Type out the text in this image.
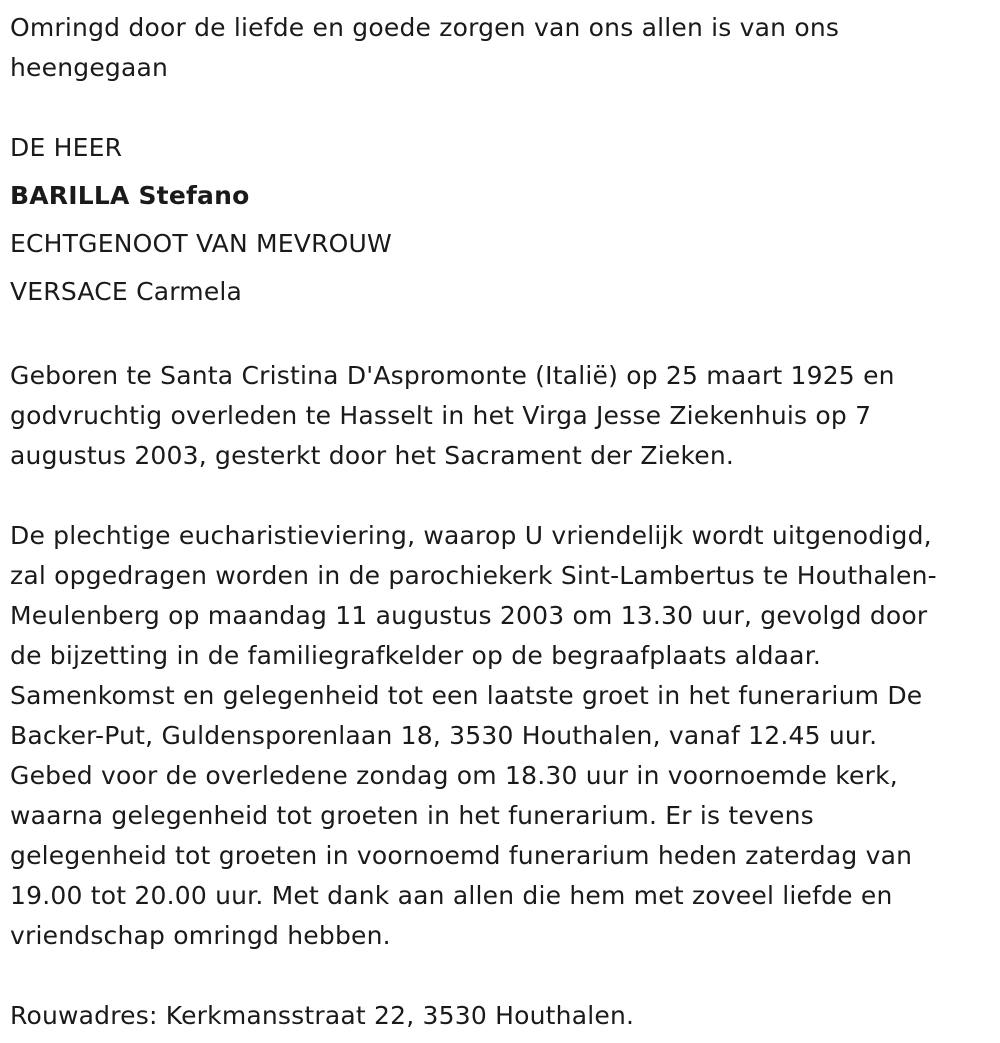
Omringd door de liefde en goede zorgen van ons allen is van ons
heengegaan
DE HEER
BARILLA Stefano
ECHTGENOOT VAN MEVROUW
VERSACE Carmela
Geboren te Santa Cristina D'Aspromonte (Italië) op 25 maart 1925 en
godvruchtig overleden te Hasselt in het Virga Jesse Ziekenhuis op 7
augustus 2003, gesterkt door het Sacrament der Zieken.
De plechtige eucharistieviering, waarop U vriendelijk wordt uitgenodigd,
zal opgedragen worden in de parochiekerk Sint-Lambertus te Houthalen-
Meulenberg op maandag 11 augustus 2003 om 13.30 uur, gevolgd door
de bijzetting in de familiegrafkelder op de begraafplaats aldaar.
Samenkomst en gelegenheid tot een laatste groet in het funerarium De
Backer-Put, Guldensporenlaan 18, 3530 Houthalen, vanaf 12.45 uur.
Gebed voor de overledene zondag om 18.30 uur in voornoemde kerk,
waarna gelegenheid tot groeten in het funerarium. Er is tevens
gelegenheid tot groeten in voornoemd funerarium heden zaterdag van
19.00 tot 20.00 uur. Met dank aan allen die hem met zoveel liefde en
vriendschap omringd hebben.
Rouwadres: Kerkmansstraat 22, 3530 Houthalen.
